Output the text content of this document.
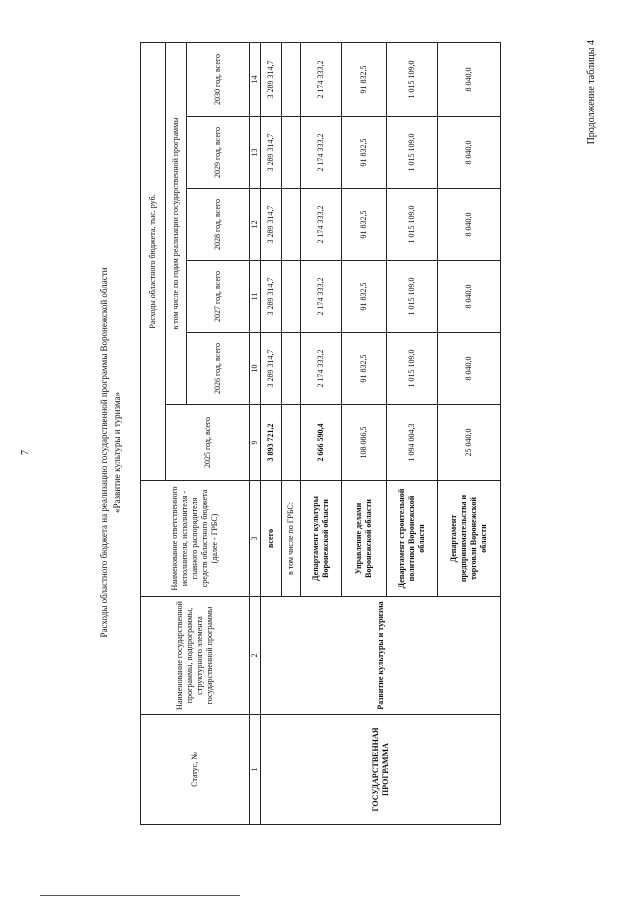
7
Продолжение таблицы 4
Расходы областного бюджета на реализацию государственной программы Воронежской области «Развитие культуры и туризма»
Статус, №	Наименование государственной программы, подпрограммы, структурного элемента государственной программы	Наименование ответственного исполнителя, исполнителя - главного распорядителя средств областного бюджета (далее - ГРБС)	Расходы областного бюджета, тыс. руб.					
			2025 год, всего	в том числе по годам реализации государственной программы				
				2026 год, всего	2027 год, всего	2028 год, всего	2029 год, всего	2030 год, всего
1	2	3	9	10	11	12	13	14
ГОСУДАРСТВЕННАЯ ПРОГРАММА	Развитие культуры и туризма	всего	3 893 721,2	3 289 314,7	3 289 314,7	3 289 314,7	3 289 314,7	3 289 314,7
		в том числе по ГРБС:						
		Департамент культуры Воронежской области	2 666 590,4	2 174 333,2	2 174 333,2	2 174 333,2	2 174 333,2	2 174 333,2
		Управление делами Воронежской области	108 086,5	91 832,5	91 832,5	91 832,5	91 832,5	91 832,5
		Департамент строительной политики Воронежской области	1 094 004,3	1 015 109,0	1 015 109,0	1 015 109,0	1 015 109,0	1 015 109,0
		Департамент предпринимательства и торговли Воронежской области	25 040,0	8 040,0	8 040,0	8 040,0	8 040,0	8 040,0
